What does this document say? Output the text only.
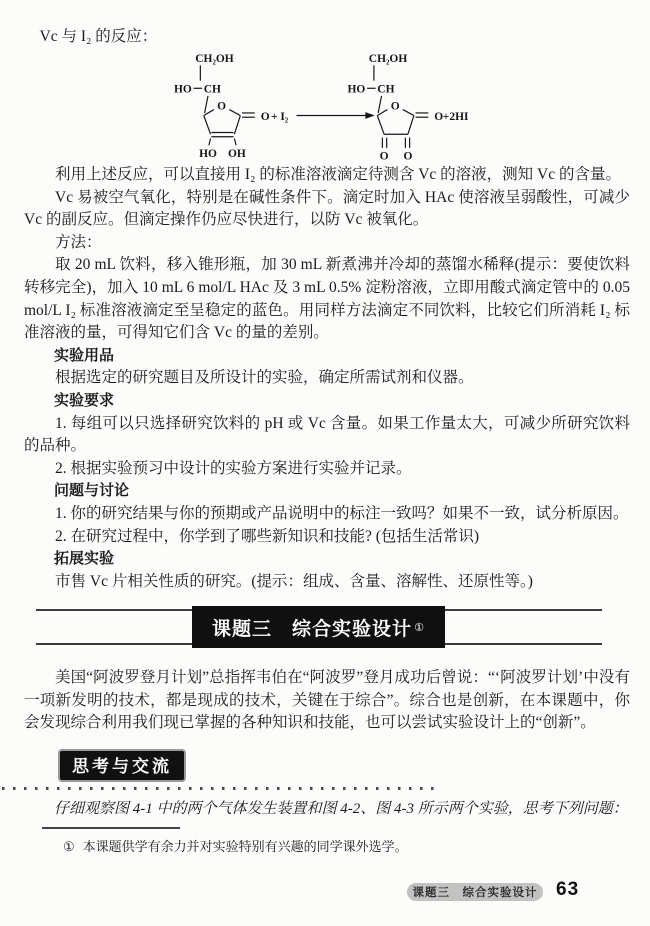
Vc 与 I₂ 的反应：

CH₂OH
HO CH
O
O
HO OH
+ I₂
CH₂OH
HO CH
O
O
O O
+2HI

利用上述反应，可以直接用 I₂ 的标准溶液滴定待测含 Vc 的溶液，测知 Vc 的含量。

Vc 易被空气氧化，特别是在碱性条件下。滴定时加入 HAc 使溶液呈弱酸性，可减少 Vc 的副反应。但滴定操作仍应尽快进行，以防 Vc 被氧化。

方法：

取 20 mL 饮料，移入锥形瓶，加 30 mL 新煮沸并冷却的蒸馏水稀释(提示：要使饮料转移完全)，加入 10 mL 6 mol/L HAc 及 3 mL 0.5% 淀粉溶液，立即用酸式滴定管中的 0.05 mol/L I₂ 标准溶液滴定至呈稳定的蓝色。用同样方法滴定不同饮料，比较它们所消耗 I₂ 标准溶液的量，可得知它们含 Vc 的量的差别。

实验用品

根据选定的研究题目及所设计的实验，确定所需试剂和仪器。

实验要求

1. 每组可以只选择研究饮料的 pH 或 Vc 含量。如果工作量太大，可减少所研究饮料的品种。

2. 根据实验预习中设计的实验方案进行实验并记录。

问题与讨论

1. 你的研究结果与你的预期或产品说明中的标注一致吗？如果不一致，试分析原因。

2. 在研究过程中，你学到了哪些新知识和技能? (包括生活常识)

拓展实验

市售 Vc 片相关性质的研究。(提示：组成、含量、溶解性、还原性等。)

课题三　综合实验设计 ①

美国“阿波罗登月计划”总指挥韦伯在“阿波罗”登月成功后曾说：“‘阿波罗计划’中没有一项新发明的技术，都是现成的技术，关键在于综合”。综合也是创新，在本课题中，你会发现综合利用我们现已掌握的各种知识和技能，也可以尝试实验设计上的“创新”。

思考与交流

仔细观察图 4-1 中的两个气体发生装置和图 4-2、图 4-3 所示两个实验，思考下列问题：

① 本课题供学有余力并对实验特别有兴趣的同学课外选学。
课题三　综合实验设计 63
